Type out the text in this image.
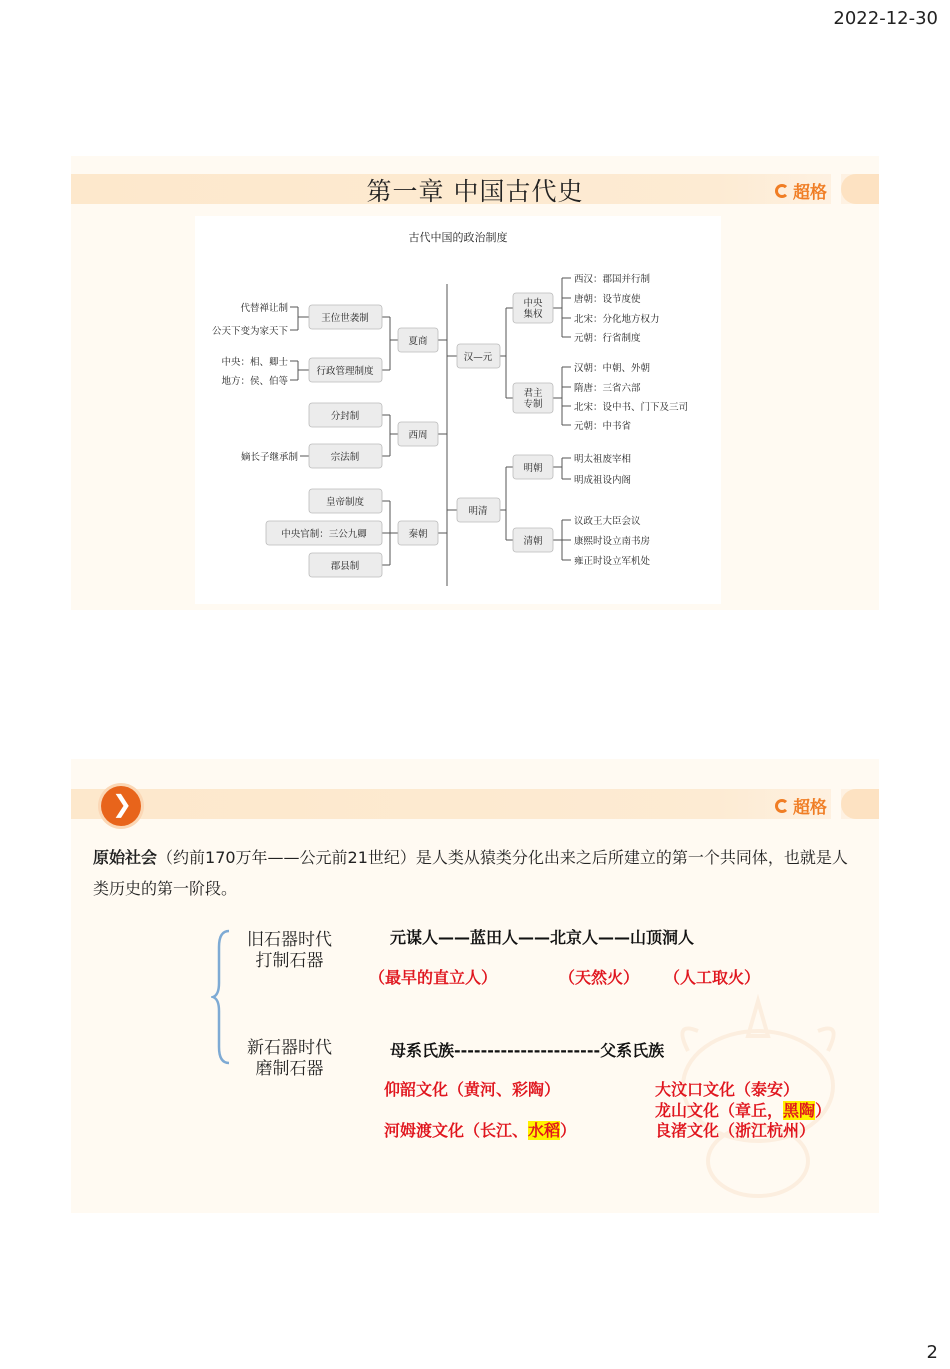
2022-12-30
超格
第一章 中国古代史
古代中国的政治制度
夏商
西周
秦朝
汉—元
明清
王位世袭制
行政管理制度
代替禅让制
公天下变为家天下
中央：相、卿士
地方：侯、伯等
分封制
宗法制
嫡长子继承制
皇帝制度
中央官制：三公九卿
郡县制
中央
集权
君主
专制
西汉：郡国并行制
唐朝：设节度使
北宋：分化地方权力
元朝：行省制度
汉朝：中朝、外朝
隋唐：三省六部
北宋：设中书、门下及三司
元朝：中书省
明朝
清朝
明太祖废宰相
明成祖设内阁
议政王大臣会议
康熙时设立南书房
雍正时设立军机处
超格
❯
原始社会（约前170万年——公元前21世纪）是人类从猿类分化出来之后所建立的第一个共同体，也就是人类历史的第一阶段。
旧石器时代
打制石器
元谋人——蓝田人——北京人——山顶洞人
（最早的直立人）	（天然火） （人工取火）
新石器时代
磨制石器
母系氏族----------------------父系氏族
仰韶文化（黄河、彩陶）
河姆渡文化（长江、水稻）
大汶口文化（泰安）
龙山文化（章丘，黑陶）
良渚文化（浙江杭州）
2
